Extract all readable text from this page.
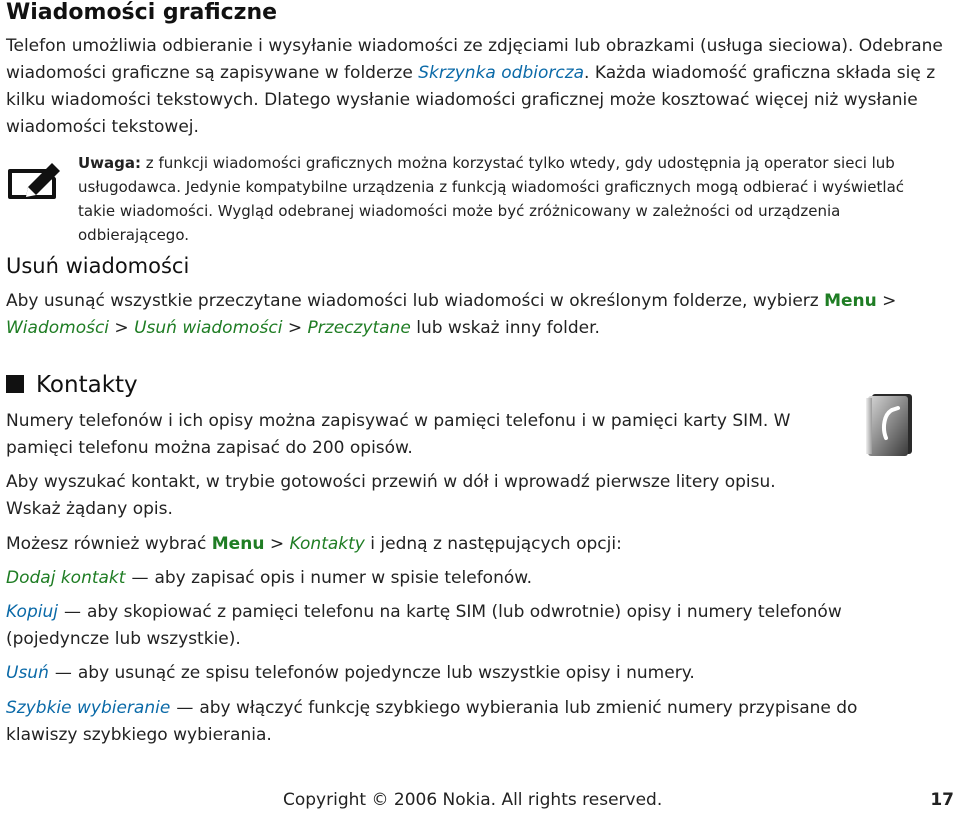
Wiadomości graficzne

Telefon umożliwia odbieranie i wysyłanie wiadomości ze zdjęciami lub obrazkami (usługa sieciowa). Odebrane wiadomości graficzne są zapisywane w folderze Skrzynka odbiorcza. Każda wiadomość graficzna składa się z kilku wiadomości tekstowych. Dlatego wysłanie wiadomości graficznej może kosztować więcej niż wysłanie wiadomości tekstowej.

Uwaga: z funkcji wiadomości graficznych można korzystać tylko wtedy, gdy udostępnia ją operator sieci lub usługodawca. Jedynie kompatybilne urządzenia z funkcją wiadomości graficznych mogą odbierać i wyświetlać takie wiadomości. Wygląd odebranej wiadomości może być zróżnicowany w zależności od urządzenia odbierającego.

Usuń wiadomości

Aby usunąć wszystkie przeczytane wiadomości lub wiadomości w określonym folderze, wybierz Menu > Wiadomości > Usuń wiadomości > Przeczytane lub wskaż inny folder.

Kontakty

Numery telefonów i ich opisy można zapisywać w pamięci telefonu i w pamięci karty SIM. W pamięci telefonu można zapisać do 200 opisów.

Aby wyszukać kontakt, w trybie gotowości przewiń w dół i wprowadź pierwsze litery opisu. Wskaż żądany opis.

Możesz również wybrać Menu > Kontakty i jedną z następujących opcji:

Dodaj kontakt — aby zapisać opis i numer w spisie telefonów.

Kopiuj — aby skopiować z pamięci telefonu na kartę SIM (lub odwrotnie) opisy i numery telefonów (pojedyncze lub wszystkie).

Usuń — aby usunąć ze spisu telefonów pojedyncze lub wszystkie opisy i numery.

Szybkie wybieranie — aby włączyć funkcję szybkiego wybierania lub zmienić numery przypisane do klawiszy szybkiego wybierania.

Copyright © 2006 Nokia. All rights reserved.	17
